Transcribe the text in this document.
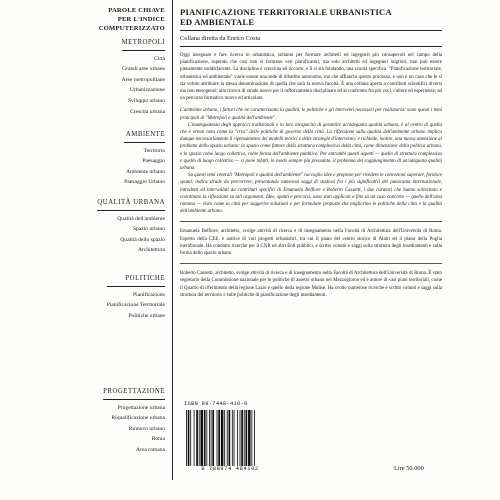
PAROLE CHIAVE
PER L'INDICE
COMPUTERIZZATO
METROPOLI
Città
Grandi aree urbane
Aree metropolitane
Urbanizzazione
Sviluppo urbano
Crescita urbana
AMBIENTE
Territorio
Paesaggio
Ambiente urbano
Paesaggio Urbano
QUALITÀ URBANA
Qualità dell'ambiente
Spazio urbano
Qualità dello spazio
Architettura
POLITICHE
Pianificazione
Pianificazione Territoriale
Politiche urbane
PROGETTAZIONE
Progettazione urbana
Riqualificazione urbana
Rinnovo urbano
Roma
Area romana
PIANIFICAZIONE TERRITORIALE URBANISTICA
ED AMBIENTALE
Collana diretta da Enrico Costa

Oggi insegnare e fare ricerca in urbanistica, soltanto per formare architetti ed ingegneri più consapevoli nel campo della pianificazione, sapendo che così non si formano veri pianificatori, ma solo architetti ed ingegneri migliori, non può essere pienamente soddisfacente. La disciplina è cresciuta ed occorre, e lì si sta fondando, una scuola specifica. "Pianificazione territoriale, urbanistica ed ambientale" vuole essere una sede di dibattito autonomo, ma che affianchi questo processo, e non è un caso che le si sia voluto attribuire la stessa denominazione di quella che sarà la nuova facoltà. È una collana aperta a contributi scientifici diversi ma non eterogenei; alla ricerca di strade nuove per il rafforzamento disciplinare ed al confronto fra più voci, culture ed esperienze; ad un percorso formativo nuovo ed articolato.

L'ambiente urbano, i fattori che ne caratterizzano la qualità, le politiche e gli interventi necessari per realizzarla: sono questi i temi principali di "Metropoli e qualità dell'ambiente".

L'inadeguatezza degli approcci tradizionali e la loro incapacità di garantire un'adeguata qualità urbana, è al centro di quella che è ormai nota come la "crisi" delle politiche di governo della città. La riflessione sulla qualità dell'ambiente urbano implica dunque necessariamente il ripensamento dei modelli teorici e delle strategie d'intervento; e richiede, inoltre, una nuova attenzione ai problemi dello spazio urbano: lo spazio come fattore della struttura complessiva della città, come dimensione della politica urbana, e lo spazio come luogo collettivo, come forma dell'ambiente pubblico. Per entrambi questi aspetti — quello di struttura complessiva e quello di luogo collettivo — si pone infatti, in modo sempre più pressante, il problema del raggiungimento di un'adeguata qualità urbana.

Su questi temi centrali "Metropoli e qualità dell'ambiente" raccoglie idee e proposte per rivedere le concezioni superate, fornisce spunti, indica strade da percorrere, presentando numerosi saggi di studiosi fra i più significativi del panorama internazionale, introdotti ed intervallati da contributi specifici di Emanuela Belfiore e Roberto Cassetti, i due curatori che hanno sollecitato e coordinato la riflessione su tali argomenti. Idee, spunti e percorsi, sono stati applicati a fine su un caso concreto — quello dell'area romana — visto come la città per suggerire soluzioni e per formulare proposte che migliorino le politiche della città e la qualità dell'ambiente urbano.

Emanuela Belfiore, architetto, svolge attività di ricerca e di insegnamento nella Facoltà di Architettura dell'Università di Roma. Esperto della CEE, è autrice di vari progetti urbanistici, tra cui il piano del centro storico di Alatri ed il piano della Puglia meridionale. Ha condotto ricerche per il CNR ed altri Enti pubblici, e scritto volumi e saggi sulla struttura degli insediamenti e sulla forma dello spazio urbano.
Roberto Cassetti, architetto, svolge attività di ricerca e di insegnamento nella Facoltà di Architettura dell'Università di Roma. È stato segretario della Commissione nazionale per le politiche di assetto urbano nel Mezzogiorno ed è autore di vari piani territoriali, come il Quadro di riferimento della regione Lazio e quello della regione Molise. Ha svolto numerose ricerche e scritto volumi e saggi sulla struttura del territorio e sulle politiche di pianificazione degli insediamenti.
ISBN 88-7448-410-0
9 788874 484102	Lire 50.000
